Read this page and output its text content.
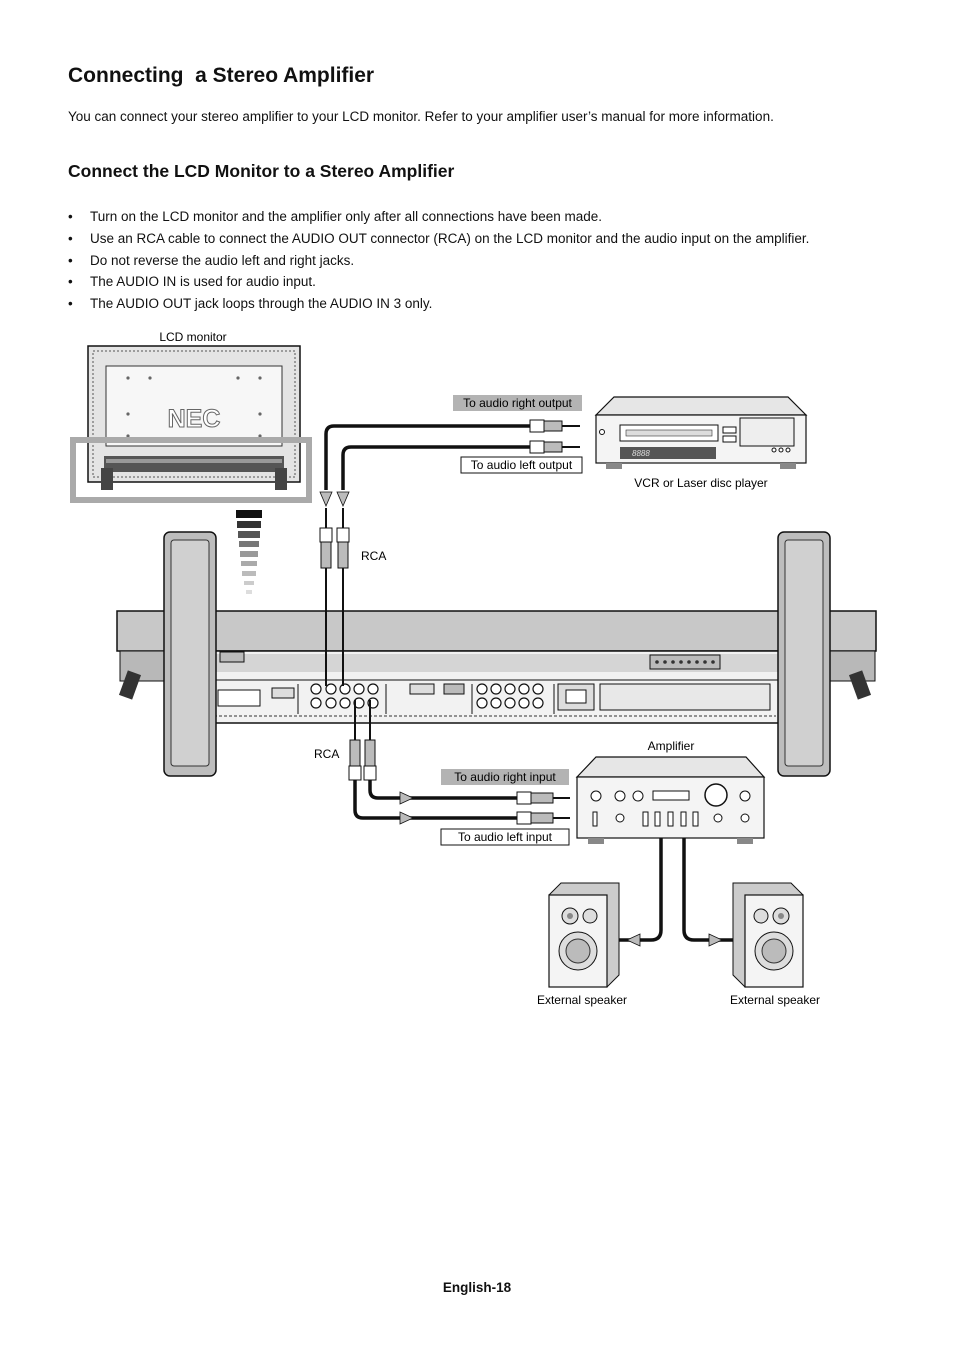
Connecting  a Stereo Amplifier

You can connect your stereo amplifier to your LCD monitor. Refer to your amplifier user’s manual for more information.

Connect the LCD Monitor to a Stereo Amplifier
• Turn on the LCD monitor and the amplifier only after all connections have been made.
• Use an RCA cable to connect the AUDIO OUT connector (RCA) on the LCD monitor and the audio input on the amplifier.
• Do not reverse the audio left and right jacks.
• The AUDIO IN is used for audio input.
• The AUDIO OUT jack loops through the AUDIO IN 3 only.
NEC
LCD monitor
8888
VCR or Laser disc player
RCA
To audio right output
To audio left output
RCA
To audio right input
To audio left input
Amplifier
External speaker	External speaker
English-18
